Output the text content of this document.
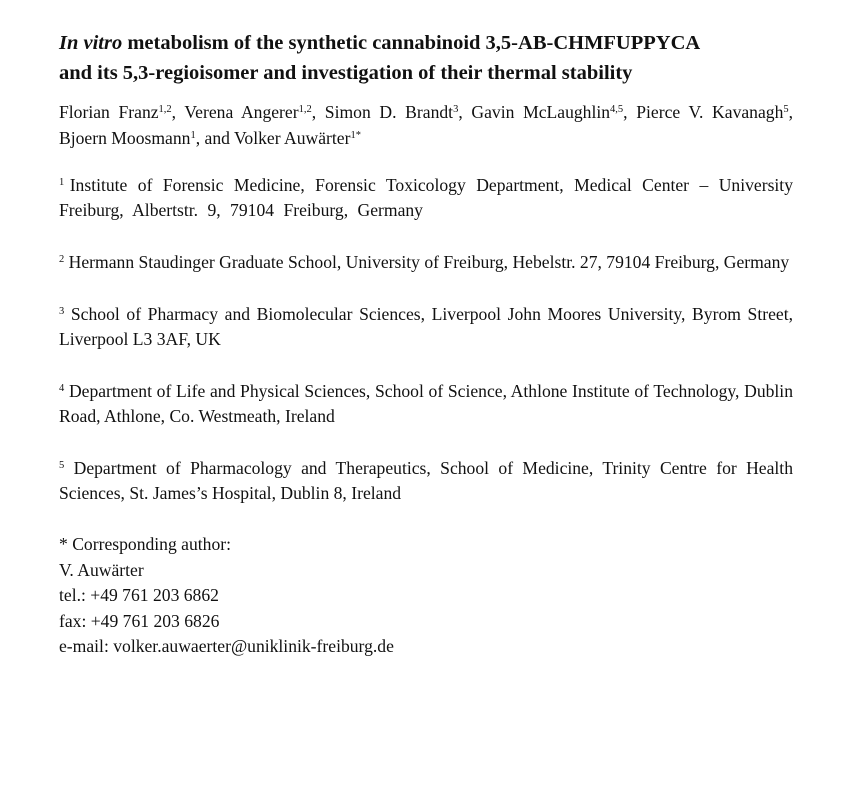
In vitro metabolism of the synthetic cannabinoid 3,5-AB-CHMFUPPYCA
and its 5,3-regioisomer and investigation of their thermal stability
Florian Franz$^{1,2}$, Verena Angerer$^{1,2}$, Simon D. Brandt$^3$, Gavin McLaughlin$^{4,5}$, Pierce V. Kavanagh$^5$, Bjoern Moosmann$^1$, and Volker Auwärter$^{1*}$
$^1$ Institute of Forensic Medicine, Forensic Toxicology Department, Medical Center – University Freiburg, Albertstr. 9, 79104 Freiburg, Germany
$^2$ Hermann Staudinger Graduate School, University of Freiburg, Hebelstr. 27, 79104 Freiburg, Germany
$^3$ School of Pharmacy and Biomolecular Sciences, Liverpool John Moores University, Byrom Street, Liverpool L3 3AF, UK
$^4$ Department of Life and Physical Sciences, School of Science, Athlone Institute of Technology, Dublin Road, Athlone, Co. Westmeath, Ireland
$^5$ Department of Pharmacology and Therapeutics, School of Medicine, Trinity Centre for Health Sciences, St. James’s Hospital, Dublin 8, Ireland
* Corresponding author:
V. Auwärter
tel.: +49 761 203 6862
fax: +49 761 203 6826
e-mail: volker.auwaerter@uniklinik-freiburg.de
